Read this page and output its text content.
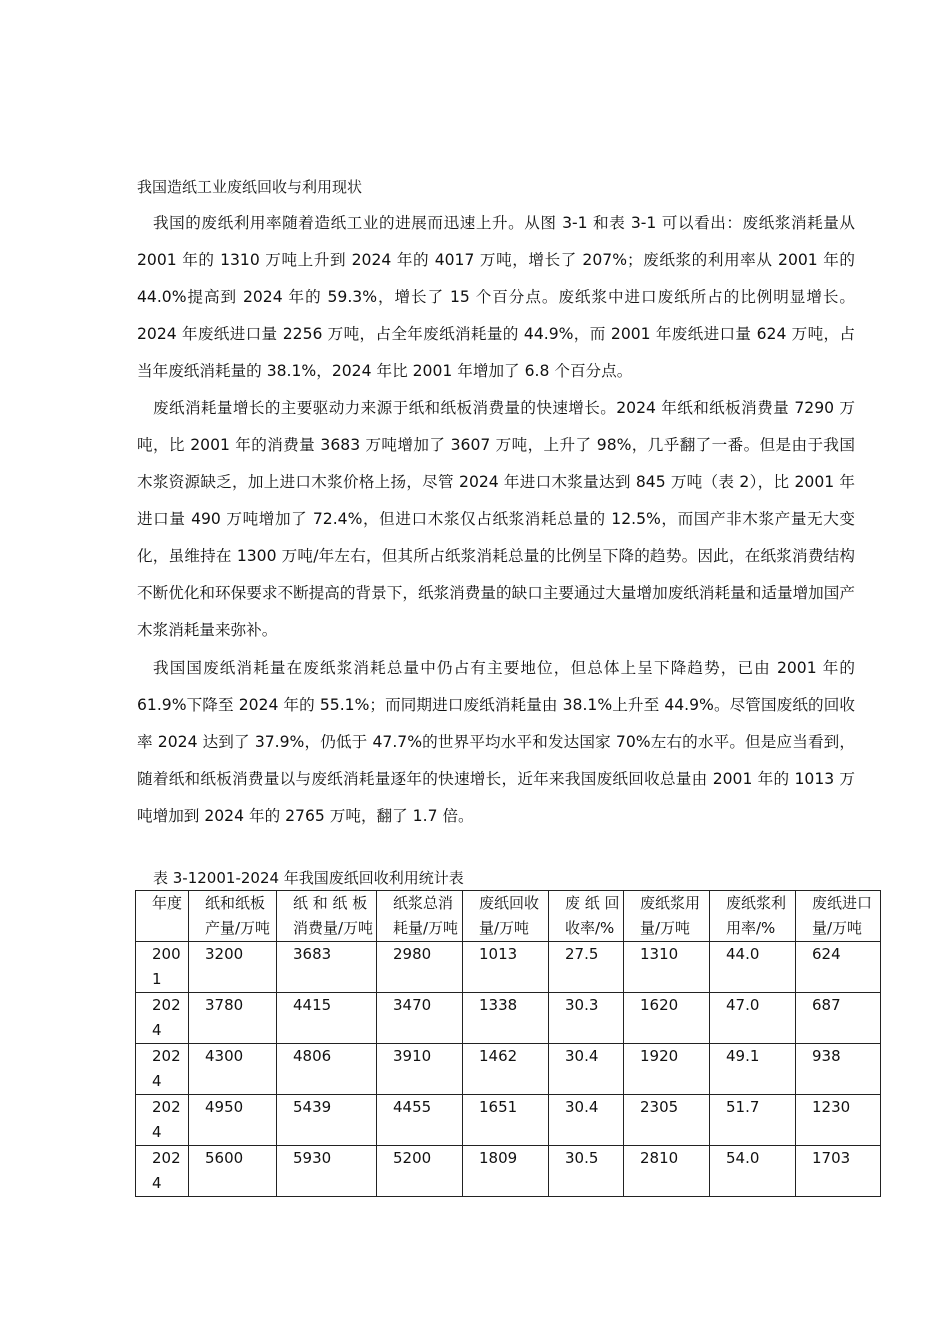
我国造纸工业废纸回收与利用现状

我国的废纸利用率随着造纸工业的进展而迅速上升。从图 3-1 和表 3-1 可以看出：废纸浆消耗量从 2001 年的 1310 万吨上升到 2024 年的 4017 万吨，增长了 207%；废纸浆的利用率从 2001 年的 44.0%提高到 2024 年的 59.3%，增长了 15 个百分点。废纸浆中进口废纸所占的比例明显增长。2024 年废纸进口量 2256 万吨，占全年废纸消耗量的 44.9%，而 2001 年废纸进口量 624 万吨，占当年废纸消耗量的 38.1%，2024 年比 2001 年增加了 6.8 个百分点。

废纸消耗量增长的主要驱动力来源于纸和纸板消费量的快速增长。2024 年纸和纸板消费量 7290 万吨，比 2001 年的消费量 3683 万吨增加了 3607 万吨，上升了 98%，几乎翻了一番。但是由于我国木浆资源缺乏，加上进口木浆价格上扬，尽管 2024 年进口木浆量达到 845 万吨（表 2），比 2001 年进口量 490 万吨增加了 72.4%，但进口木浆仅占纸浆消耗总量的 12.5%，而国产非木浆产量无大变化，虽维持在 1300 万吨/年左右，但其所占纸浆消耗总量的比例呈下降的趋势。因此，在纸浆消费结构不断优化和环保要求不断提高的背景下，纸浆消费量的缺口主要通过大量增加废纸消耗量和适量增加国产木浆消耗量来弥补。

我国国废纸消耗量在废纸浆消耗总量中仍占有主要地位，但总体上呈下降趋势，已由 2001 年的 61.9%下降至 2024 年的 55.1%；而同期进口废纸消耗量由 38.1%上升至 44.9%。尽管国废纸的回收率 2024 达到了 37.9%，仍低于 47.7%的世界平均水平和发达国家 70%左右的水平。但是应当看到，随着纸和纸板消费量以与废纸消耗量逐年的快速增长，近年来我国废纸回收总量由 2001 年的 1013 万吨增加到 2024 年的 2765 万吨，翻了 1.7 倍。

表 3-12001-2024 年我国废纸回收利用统计表
年度	纸和纸板产量/万吨	纸 和 纸 板消费量/万吨	纸浆总消耗量/万吨	废纸回收量/万吨	废 纸 回收率/%	废纸浆用量/万吨	废纸浆利用率/%	废纸进口量/万吨

2001	3200	3683	2980	1013	27.5	1310	44.0	624

2024	3780	4415	3470	1338	30.3	1620	47.0	687

2024	4300	4806	3910	1462	30.4	1920	49.1	938

2024	4950	5439	4455	1651	30.4	2305	51.7	1230

2024	5600	5930	5200	1809	30.5	2810	54.0	1703
